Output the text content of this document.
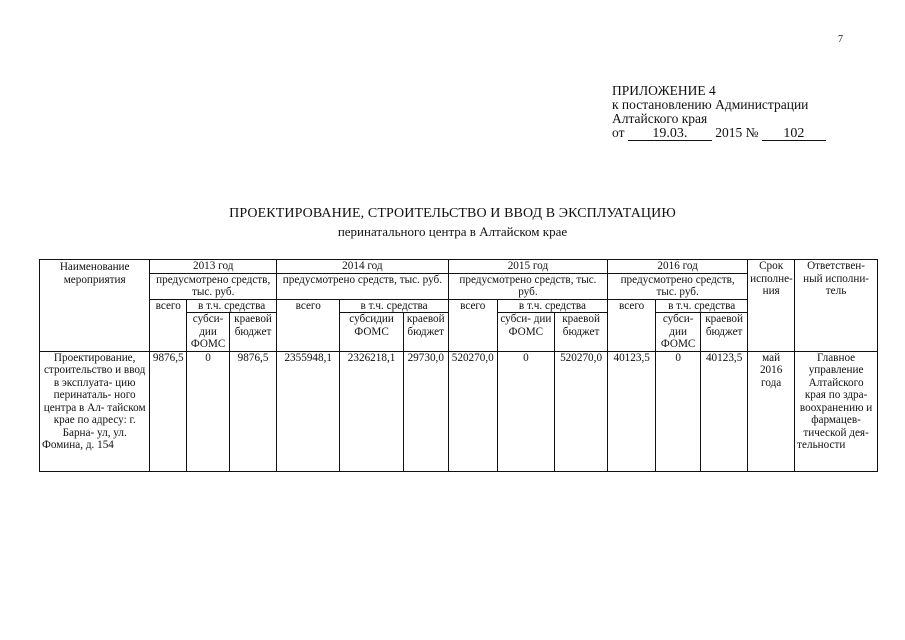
7
ПРИЛОЖЕНИЕ 4
к постановлению Администрации
Алтайского края
от 19.03. 2015 № 102
ПРОЕКТИРОВАНИЕ, СТРОИТЕЛЬСТВО И ВВОД В ЭКСПЛУАТАЦИЮ
перинатального центра в Алтайском крае
Наименование мероприятия	2013 год			2014 год			2015 год			2016 год			Срок исполне- ния	Ответствен- ный исполни- тель
	предусмотрено средств, тыс. руб.			предусмотрено средств, тыс. руб.			предусмотрено средств, тыс. руб.			предусмотрено средств, тыс. руб.				
	всего	в т.ч. средства		всего	в т.ч. средства		всего	в т.ч. средства		всего	в т.ч. средства			
		субси- дии ФОМС	краевой бюджет		субсидии ФОМС	краевой бюджет		субси- дии ФОМС	краевой бюджет		субси- дии ФОМС	краевой бюджет		
Проектирование, строительство и ввод в эксплуата- цию перинаталь- ного центра в Ал- тайском крае по адресу: г. Барна- ул, ул. Фомина, д. 154	9876,5	0	9876,5	2355948,1	2326218,1	29730,0	520270,0	0	520270,0	40123,5	0	40123,5	май 2016 года	Главное управление Алтайского края по здра- воохранению и фармацев- тической дея- тельности
